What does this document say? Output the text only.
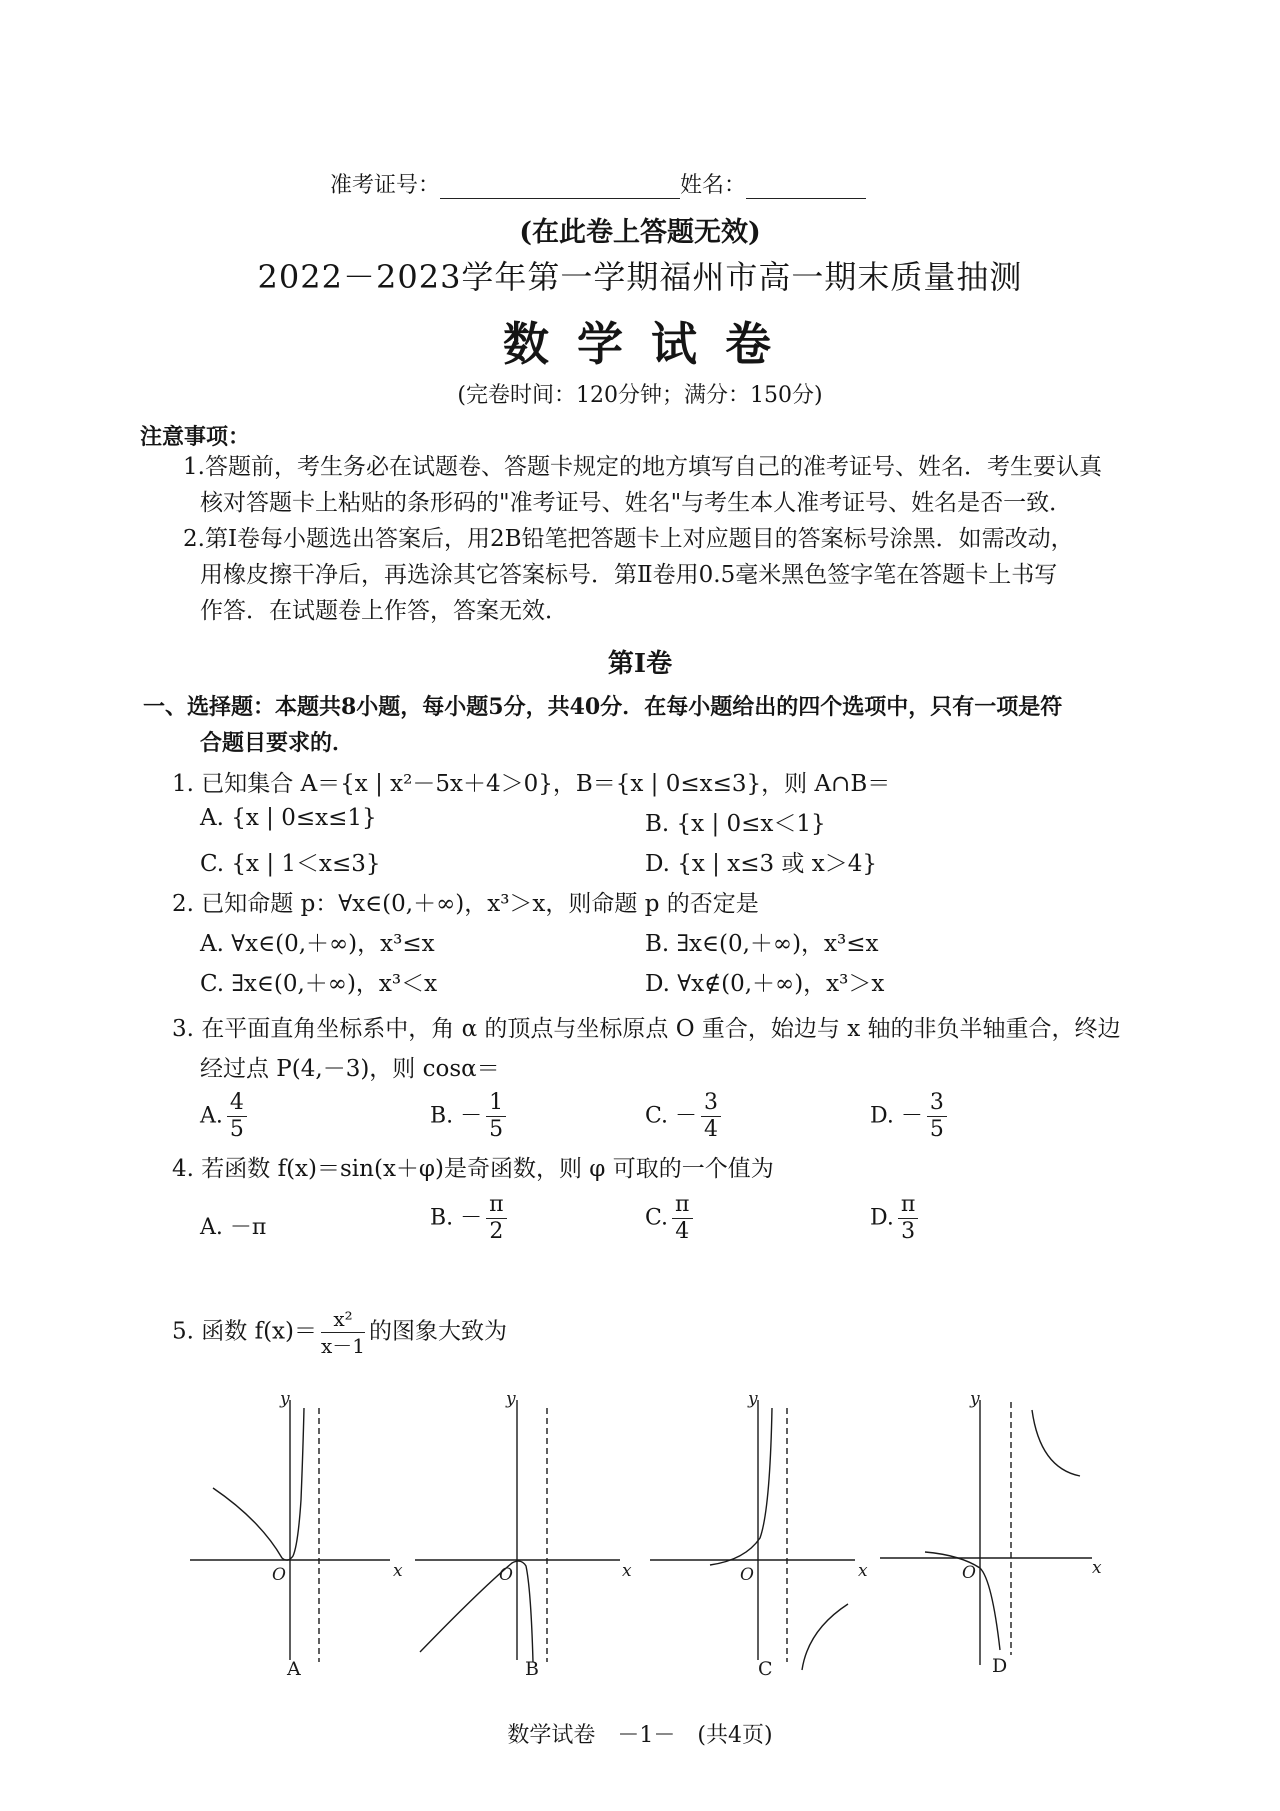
准考证号：	姓名：
(在此卷上答题无效)
2022－2023学年第一学期福州市高一期末质量抽测
数 学 试 卷
(完卷时间：120分钟；满分：150分)
注意事项：
1.答题前，考生务必在试题卷、答题卡规定的地方填写自己的准考证号、姓名．考生要认真
核对答题卡上粘贴的条形码的"准考证号、姓名"与考生本人准考证号、姓名是否一致．
2.第Ⅰ卷每小题选出答案后，用2B铅笔把答题卡上对应题目的答案标号涂黑．如需改动，
用橡皮擦干净后，再选涂其它答案标号．第Ⅱ卷用0.5毫米黑色签字笔在答题卡上书写
作答．在试题卷上作答，答案无效．
第Ⅰ卷
一、选择题：本题共8小题，每小题5分，共40分．在每小题给出的四个选项中，只有一项是符
合题目要求的．
1. 已知集合 A＝{x | x²－5x＋4＞0}，B＝{x | 0≤x≤3}，则 A∩B＝
A. {x | 0≤x≤1}	B. {x | 0≤x＜1}
C. {x | 1＜x≤3}	D. {x | x≤3 或 x＞4}
2. 已知命题 p：∀x∈(0,＋∞)，x³＞x，则命题 p 的否定是
A. ∀x∈(0,＋∞)，x³≤x	B. ∃x∈(0,＋∞)，x³≤x
C. ∃x∈(0,＋∞)，x³＜x	D. ∀x∉(0,＋∞)，x³＞x
3. 在平面直角坐标系中，角 α 的顶点与坐标原点 O 重合，始边与 x 轴的非负半轴重合，终边
经过点 P(4,－3)，则 cosα＝
A. $\frac{4}{5}$	B. － $\frac{1}{5}$	C. － $\frac{3}{4}$	D. － $\frac{3}{5}$
4. 若函数 f(x)＝sin(x＋φ)是奇函数，则 φ 可取的一个值为
A. －π	B. － $\frac{\pi}{2}$	C. $\frac{\pi}{4}$	D. $\frac{\pi}{3}$
5. 函数 $f(x)= \frac{\text{x²}}{x-1}$ 的图象大致为
y
x
O
y
x
O
y
x
O
y
x
O
A	B	C	D
数学试卷　－1－　(共4页)
